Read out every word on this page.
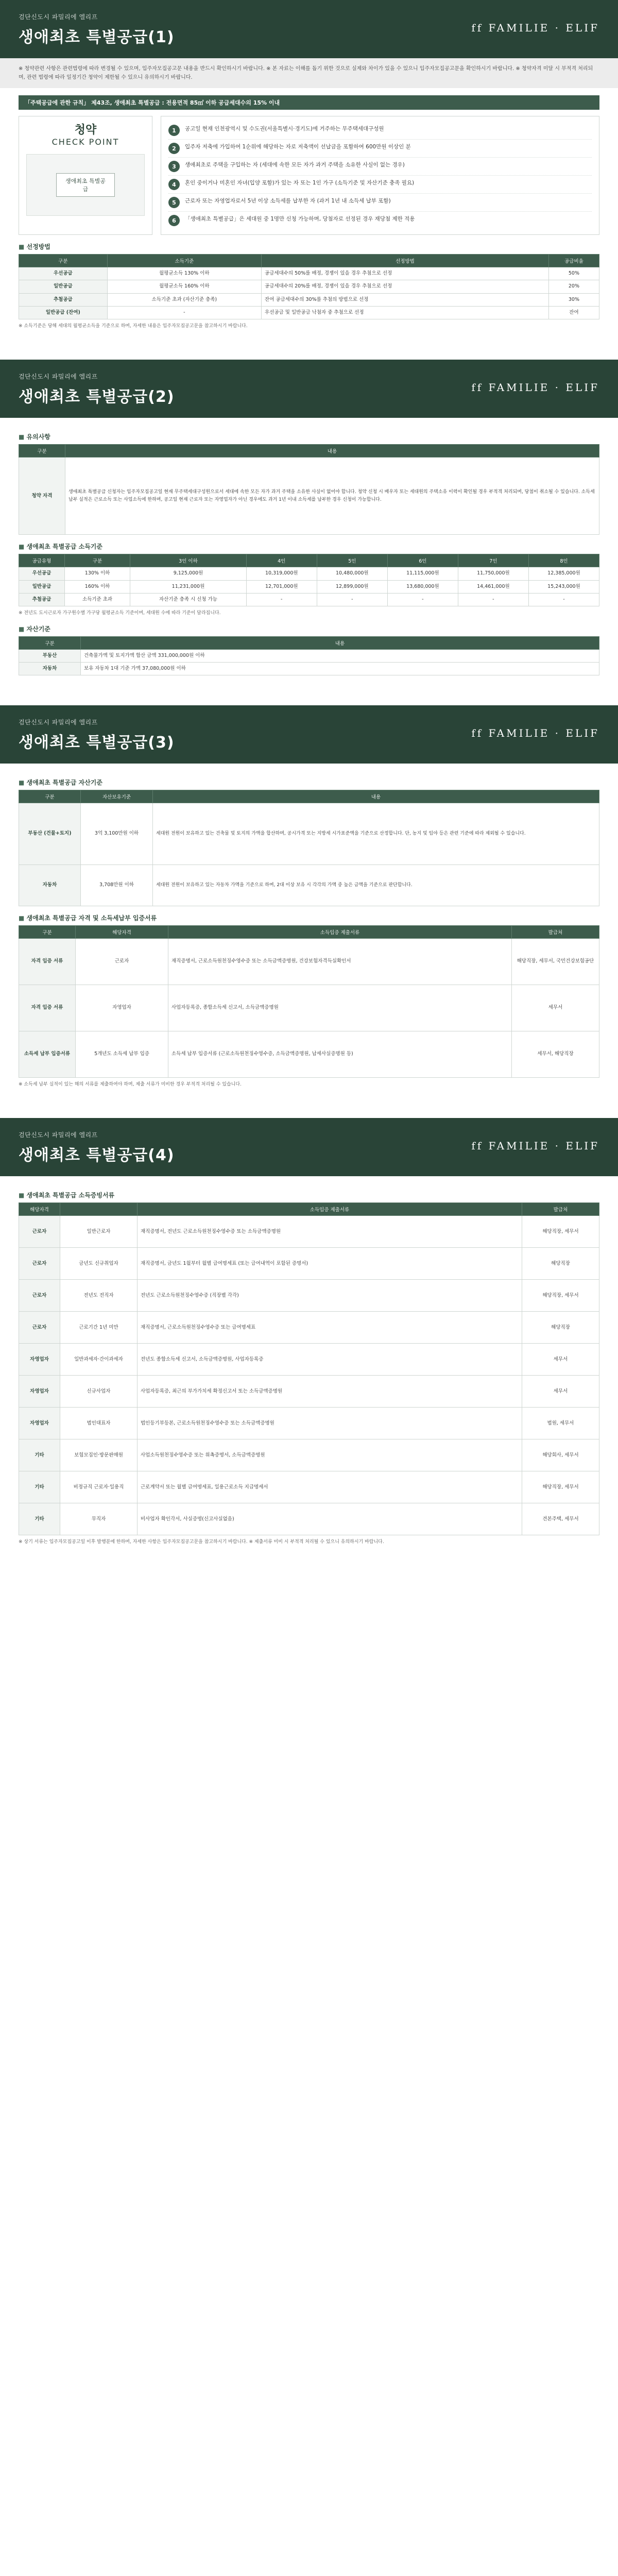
검단신도시 파밀리에 엘리프
생애최초 특별공급(1)
ff FAMILIE · ELIF
※ 청약관련 사항은 관련법령에 따라 변경될 수 있으며, 입주자모집공고문 내용을 반드시 확인하시기 바랍니다. ※ 본 자료는 이해를 돕기 위한 것으로 실제와 차이가 있을 수 있으니 입주자모집공고문을 확인하시기 바랍니다. ※ 청약자격 미달 시 부적격 처리되며, 관련 법령에 따라 일정기간 청약이 제한될 수 있으니 유의하시기 바랍니다.
「주택공급에 관한 규칙」 제43조, 생애최초 특별공급 : 전용면적 85㎡ 이하 공급세대수의 15% 이내
청약
CHECK POINT
생애최초 특별공급
1	공고일 현재 인천광역시 및 수도권(서울특별시·경기도)에 거주하는 무주택세대구성원
2	입주자 저축에 가입하여 1순위에 해당하는 자로 저축액이 선납금을 포함하여 600만원 이상인 분
3	생애최초로 주택을 구입하는 자 (세대에 속한 모든 자가 과거 주택을 소유한 사실이 없는 경우)
4	혼인 중이거나 미혼인 자녀(입양 포함)가 있는 자 또는 1인 가구 (소득기준 및 자산기준 충족 필요)
5	근로자 또는 자영업자로서 5년 이상 소득세를 납부한 자 (과거 1년 내 소득세 납부 포함)
6	「생애최초 특별공급」은 세대원 중 1명만 신청 가능하며, 당첨자로 선정된 경우 재당첨 제한 적용
■ 선정방법
구분	소득기준	선정방법	공급비율
우선공급	월평균소득 130% 이하	공급세대수의 50%를 배정, 경쟁이 있을 경우 추첨으로 선정	50%
일반공급	월평균소득 160% 이하	공급세대수의 20%를 배정, 경쟁이 있을 경우 추첨으로 선정	20%
추첨공급	소득기준 초과 (자산기준 충족)	잔여 공급세대수의 30%를 추첨의 방법으로 선정	30%
일반공급 (잔여)	-	우선공급 및 일반공급 낙첨자 중 추첨으로 선정	잔여
※ 소득기준은 당해 세대의 월평균소득을 기준으로 하며, 자세한 내용은 입주자모집공고문을 참고하시기 바랍니다.
검단신도시 파밀리에 엘리프
생애최초 특별공급(2)
ff FAMILIE · ELIF
■ 유의사항
구분	내용
청약 자격	생애최초 특별공급 신청자는 입주자모집공고일 현재 무주택세대구성원으로서 세대에 속한 모든 자가 과거 주택을 소유한 사실이 없어야 합니다. 청약 신청 시 배우자 또는 세대원의 주택소유 이력이 확인될 경우 부적격 처리되며, 당첨이 취소될 수 있습니다. 소득세 납부 실적은 근로소득 또는 사업소득에 한하며, 공고일 현재 근로자 또는 자영업자가 아닌 경우에도 과거 1년 이내 소득세를 납부한 경우 신청이 가능합니다.
■ 생애최초 특별공급 소득기준
공급유형	구분	3인 이하	4인	5인	6인	7인	8인
우선공급	130% 이하	9,125,000원	10,319,000원	10,480,000원	11,115,000원	11,750,000원	12,385,000원
일반공급	160% 이하	11,231,000원	12,701,000원	12,899,000원	13,680,000원	14,461,000원	15,243,000원
추첨공급	소득기준 초과	자산기준 충족 시 신청 가능	-	-	-	-	-
※ 전년도 도시근로자 가구원수별 가구당 월평균소득 기준이며, 세대원 수에 따라 기준이 달라집니다.
■ 자산기준
구분	내용
부동산	건축물가액 및 토지가액 합산 금액 331,000,000원 이하
자동차	보유 자동차 1대 기준 가액 37,080,000원 이하
검단신도시 파밀리에 엘리프
생애최초 특별공급(3)
ff FAMILIE · ELIF
■ 생애최초 특별공급 자산기준
구분	자산보유기준	내용
부동산 (건물+토지)	3억 3,100만원 이하	세대원 전원이 보유하고 있는 건축물 및 토지의 가액을 합산하며, 공시가격 또는 지방세 시가표준액을 기준으로 산정합니다. 단, 농지 및 임야 등은 관련 기준에 따라 제외될 수 있습니다.
자동차	3,708만원 이하	세대원 전원이 보유하고 있는 자동차 가액을 기준으로 하며, 2대 이상 보유 시 각각의 가액 중 높은 금액을 기준으로 판단합니다.
■ 생애최초 특별공급 자격 및 소득세납부 입증서류
구분	해당자격	소득입증 제출서류	발급처
자격 입증 서류	근로자	재직증명서, 근로소득원천징수영수증 또는 소득금액증명원, 건강보험자격득실확인서	해당직장, 세무서, 국민건강보험공단
자격 입증 서류	자영업자	사업자등록증, 종합소득세 신고서, 소득금액증명원	세무서
소득세 납부 입증서류	5개년도 소득세 납부 입증	소득세 납부 입증서류 (근로소득원천징수영수증, 소득금액증명원, 납세사실증명원 등)	세무서, 해당직장
※ 소득세 납부 실적이 있는 해의 서류를 제출하여야 하며, 제출 서류가 미비한 경우 부적격 처리될 수 있습니다.
검단신도시 파밀리에 엘리프
생애최초 특별공급(4)
ff FAMILIE · ELIF
■ 생애최초 특별공급 소득증빙서류
해당자격		소득입증 제출서류	발급처
근로자	일반근로자	재직증명서, 전년도 근로소득원천징수영수증 또는 소득금액증명원	해당직장, 세무서
근로자	금년도 신규취업자	재직증명서, 금년도 1월부터 월별 급여명세표 (또는 급여내역이 포함된 증명서)	해당직장
근로자	전년도 전직자	전년도 근로소득원천징수영수증 (직장별 각각)	해당직장, 세무서
근로자	근로기간 1년 미만	재직증명서, 근로소득원천징수영수증 또는 급여명세표	해당직장
자영업자	일반과세자·간이과세자	전년도 종합소득세 신고서, 소득금액증명원, 사업자등록증	세무서
자영업자	신규사업자	사업자등록증, 최근의 부가가치세 확정신고서 또는 소득금액증명원	세무서
자영업자	법인대표자	법인등기부등본, 근로소득원천징수영수증 또는 소득금액증명원	법원, 세무서
기타	보험모집인·방문판매원	사업소득원천징수영수증 또는 위촉증명서, 소득금액증명원	해당회사, 세무서
기타	비정규직 근로자·일용직	근로계약서 또는 월별 급여명세표, 일용근로소득 지급명세서	해당직장, 세무서
기타	무직자	비사업자 확인각서, 사실증명(신고사실없음)	견본주택, 세무서
※ 상기 서류는 입주자모집공고일 이후 발행분에 한하며, 자세한 사항은 입주자모집공고문을 참고하시기 바랍니다. ※ 제출서류 미비 시 부적격 처리될 수 있으니 유의하시기 바랍니다.
